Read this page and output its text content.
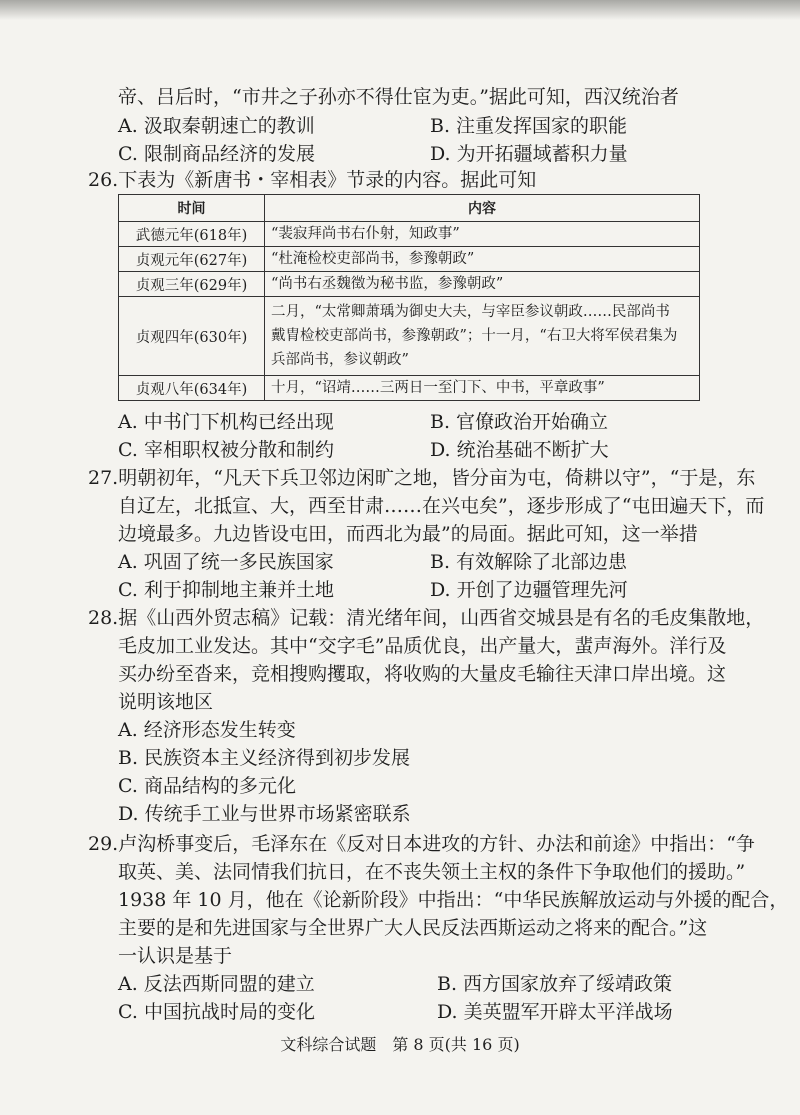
帝、吕后时，“市井之子孙亦不得仕宦为吏。”据此可知，西汉统治者
A. 汲取秦朝速亡的教训	B. 注重发挥国家的职能
C. 限制商品经济的发展	D. 为开拓疆域蓄积力量
26.下表为《新唐书・宰相表》节录的内容。据此可知
时间	内容
武德元年(618年)	“裴寂拜尚书右仆射，知政事”
贞观元年(627年)	“杜淹检校吏部尚书，参豫朝政”
贞观三年(629年)	“尚书右丞魏徵为秘书监，参豫朝政”
贞观四年(630年)	二月，“太常卿萧瑀为御史大夫，与宰臣参议朝政……民部尚书
戴胄检校吏部尚书，参豫朝政”；十一月，“右卫大将军侯君集为
兵部尚书，参议朝政”

贞观八年(634年)	十月，“诏靖……三两日一至门下、中书，平章政事”
A. 中书门下机构已经出现	B. 官僚政治开始确立
C. 宰相职权被分散和制约	D. 统治基础不断扩大
27.明朝初年，“凡天下兵卫邻边闲旷之地，皆分亩为屯，倚耕以守”，“于是，东
自辽左，北抵宣、大，西至甘肃……在兴屯矣”，逐步形成了“屯田遍天下，而
边境最多。九边皆设屯田，而西北为最”的局面。据此可知，这一举措
A. 巩固了统一多民族国家	B. 有效解除了北部边患
C. 利于抑制地主兼并土地	D. 开创了边疆管理先河
28.据《山西外贸志稿》记载：清光绪年间，山西省交城县是有名的毛皮集散地，
毛皮加工业发达。其中“交字毛”品质优良，出产量大，蜚声海外。洋行及
买办纷至沓来，竞相搜购攫取，将收购的大量皮毛输往天津口岸出境。这
说明该地区
A. 经济形态发生转变
B. 民族资本主义经济得到初步发展
C. 商品结构的多元化
D. 传统手工业与世界市场紧密联系
29.卢沟桥事变后，毛泽东在《反对日本进攻的方针、办法和前途》中指出：“争
取英、美、法同情我们抗日，在不丧失领土主权的条件下争取他们的援助。”
1938 年 10 月，他在《论新阶段》中指出：“中华民族解放运动与外援的配合，
主要的是和先进国家与全世界广大人民反法西斯运动之将来的配合。”这
一认识是基于
A. 反法西斯同盟的建立	B. 西方国家放弃了绥靖政策
C. 中国抗战时局的变化	D. 美英盟军开辟太平洋战场
文科综合试题　第 8 页(共 16 页)
